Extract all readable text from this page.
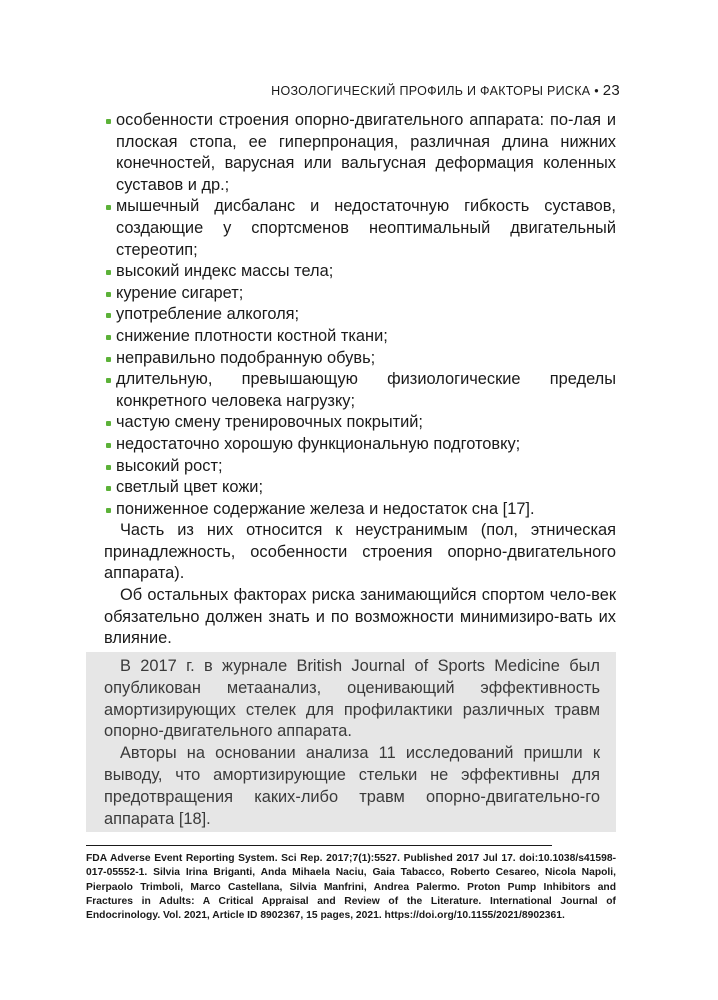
НОЗОЛОГИЧЕСКИЙ ПРОФИЛЬ И ФАКТОРЫ РИСКА • 23
особенности строения опорно-двигательного аппарата: по-лая и плоская стопа, ее гиперпронация, различная длина нижних конечностей, варусная или вальгусная деформация коленных суставов и др.;
мышечный дисбаланс и недостаточную гибкость суставов, создающие у спортсменов неоптимальный двигательный стереотип;
высокий индекс массы тела;
курение сигарет;
употребление алкоголя;
снижение плотности костной ткани;
неправильно подобранную обувь;
длительную, превышающую физиологические пределы конкретного человека нагрузку;
частую смену тренировочных покрытий;
недостаточно хорошую функциональную подготовку;
высокий рост;
светлый цвет кожи;
пониженное содержание железа и недостаток сна [17].

Часть из них относится к неустранимым (пол, этническая принадлежность, особенности строения опорно-двигательного аппарата).

Об остальных факторах риска занимающийся спортом чело-век обязательно должен знать и по возможности минимизиро-вать их влияние.

В 2017 г. в журнале British Journal of Sports Medicine был опубликован метаанализ, оценивающий эффективность амортизирующих стелек для профилактики различных травм опорно-двигательного аппарата.

Авторы на основании анализа 11 исследований пришли к выводу, что амортизирующие стельки не эффективны для предотвращения каких-либо травм опорно-двигательно-го аппарата [18].

FDA Adverse Event Reporting System. Sci Rep. 2017;7(1):5527. Published 2017 Jul 17. doi:10.1038/s41598-017-05552-1. Silvia Irina Briganti, Anda Mihaela Naciu, Gaia Tabacco, Roberto Cesareo, Nicola Napoli, Pierpaolo Trimboli, Marco Castellana, Silvia Manfrini, Andrea Palermo. Proton Pump Inhibitors and Fractures in Adults: A Critical Appraisal and Review of the Literature. International Journal of Endocrinology. Vol. 2021, Article ID 8902367, 15 pages, 2021. https://doi.org/10.1155/2021/8902361.
